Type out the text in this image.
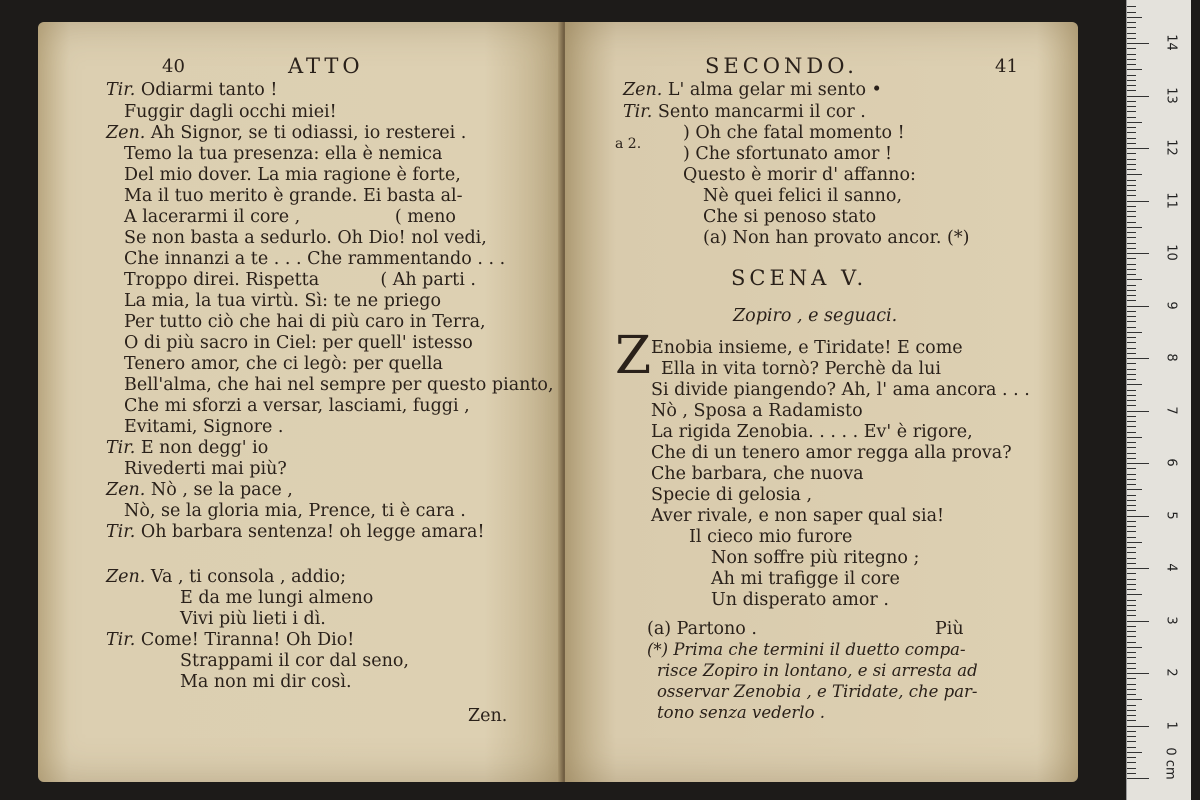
40	ATTO
Zen.
Tir. Odiarmi tanto !
Fuggir dagli occhi miei!
Zen. Ah Signor, se ti odiassi, io resterei .
Temo la tua presenza: ella è nemica
Del mio dover. La mia ragione è forte,
Ma il tuo merito è grande. Ei basta al-
A lacerarmi il core ,                 ( meno
Se non basta a sedurlo. Oh Dio! nol vedi,
Che innanzi a te . . . Che rammentando . . .
Troppo direi. Rispetta           ( Ah parti .
La mia, la tua virtù. Sì: te ne priego
Per tutto ciò che hai di più caro in Terra,
O di più sacro in Ciel: per quell' istesso
Tenero amor, che ci legò: per quella
Bell'alma, che hai nel sempre per questo pianto,
Che mi sforzi a versar, lasciami, fuggi ,
Evitami, Signore .
Tir. E non degg' io
Rivederti mai più?
Zen. Nò , se la pace ,
Nò, se la gloria mia, Prence, ti è cara .
Tir. Oh barbara sentenza! oh legge amara!
Zen. Va , ti consola , addio;
E da me lungi almeno
Vivi più lieti i dì.
Tir. Come! Tiranna! Oh Dio!
Strappami il cor dal seno,
Ma non mi dir così.
SECONDO.	41
a 2.
SCENA V.
Zopiro , e seguaci.
Z
Più
Zen. L' alma gelar mi sento •
Tir. Sento mancarmi il cor .
) Oh che fatal momento !
) Che sfortunato amor !
Questo è morir d' affanno:
Nè quei felici il sanno,
Che si penoso stato
(a) Non han provato ancor. (*)
Enobia insieme, e Tiridate! E come
Ella in vita tornò? Perchè da lui
Si divide piangendo? Ah, l' ama ancora . . .
Nò , Sposa a Radamisto
La rigida Zenobia. . . . . Ev' è rigore,
Che di un tenero amor regga alla prova?
Che barbara, che nuova
Specie di gelosia ,
Aver rivale, e non saper qual sia!
Il cieco mio furore
Non soffre più ritegno ;
Ah mi trafigge il core
Un disperato amor .
(a) Partono .
(*) Prima che termini il duetto compa-
risce Zopiro in lontano, e si arresta ad
osservar Zenobia , e Tiridate, che par-
tono senza vederlo .
0 cm
1
2
3
4
5
6
7
8
9
10
11
12
13
14
